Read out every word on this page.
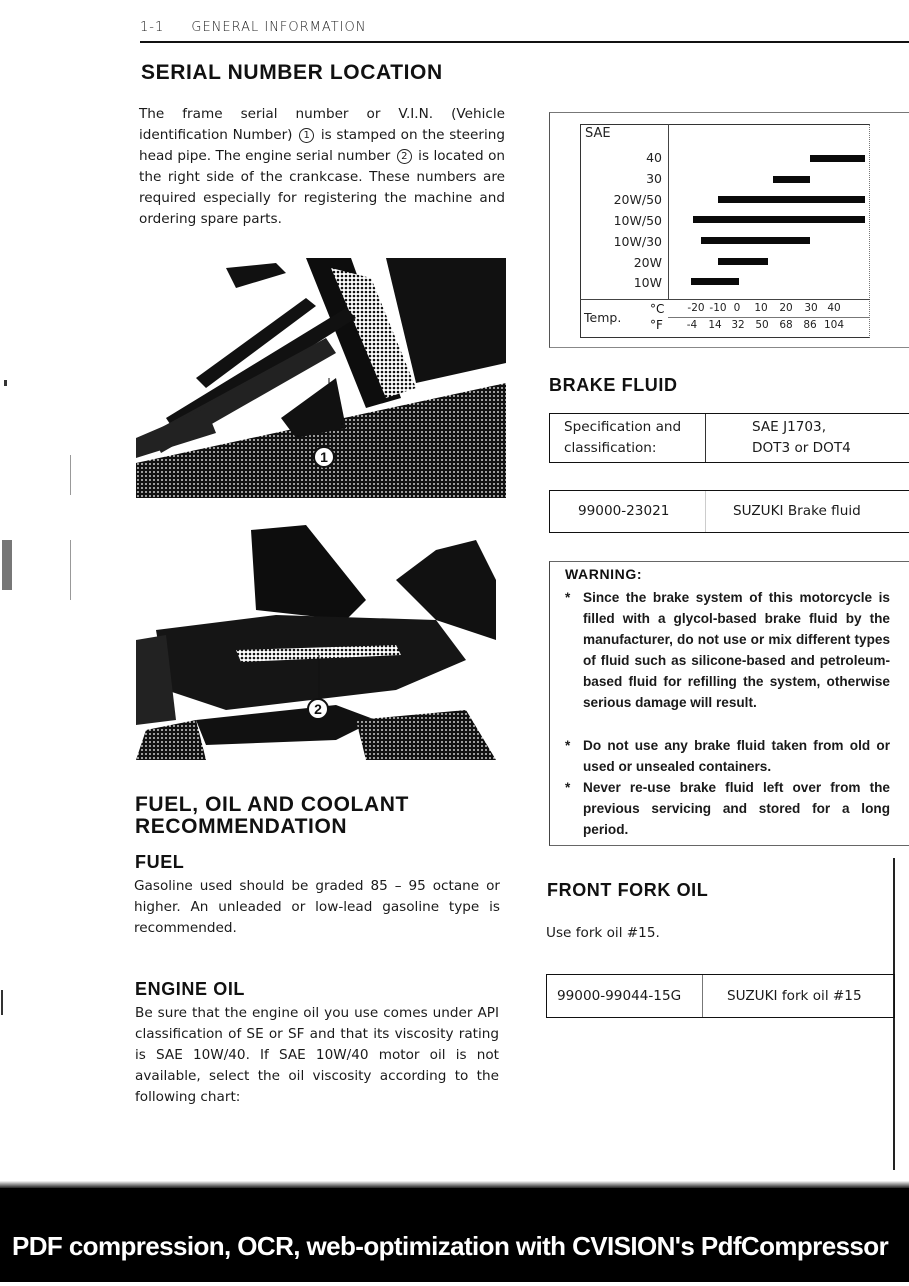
1-1 GENERAL INFORMATION
SERIAL NUMBER LOCATION
The frame serial number or V.I.N. (Vehicle identification Number) 1 is stamped on the steering head pipe. The engine serial number 2 is located on the right side of the crankcase. These numbers are required especially for registering the machine and ordering spare parts.
1
2
FUEL, OIL AND COOLANT
RECOMMENDATION
FUEL
Gasoline used should be graded 85 – 95 octane or higher. An unleaded or low-lead gasoline type is recommended.
ENGINE OIL
Be sure that the engine oil you use comes under API classification of SE or SF and that its viscosity rating is SAE 10W/40. If SAE 10W/40 motor oil is not available, select the oil viscosity according to the following chart:
SAE
40
30
20W/50
10W/50
10W/30
20W
10W
Temp.
°C
°F
-20 -10 0 10 20 30 40
-4 14 32 50 68 86 104
BRAKE FLUID
Specification and
classification:
SAE J1703,
DOT3 or DOT4
99000-23021	SUZUKI Brake fluid
WARNING:
* Since the brake system of this motorcycle is filled with a glycol-based brake fluid by the manufacturer, do not use or mix different types of fluid such as silicone-based and petroleum-based fluid for refilling the system, otherwise serious damage will result.
* Do not use any brake fluid taken from old or used or unsealed containers.
* Never re-use brake fluid left over from the previous servicing and stored for a long period.
FRONT FORK OIL
Use fork oil #15.
99000-99044-15G	SUZUKI fork oil #15
PDF compression, OCR, web-optimization with CVISION's PdfCompressor
